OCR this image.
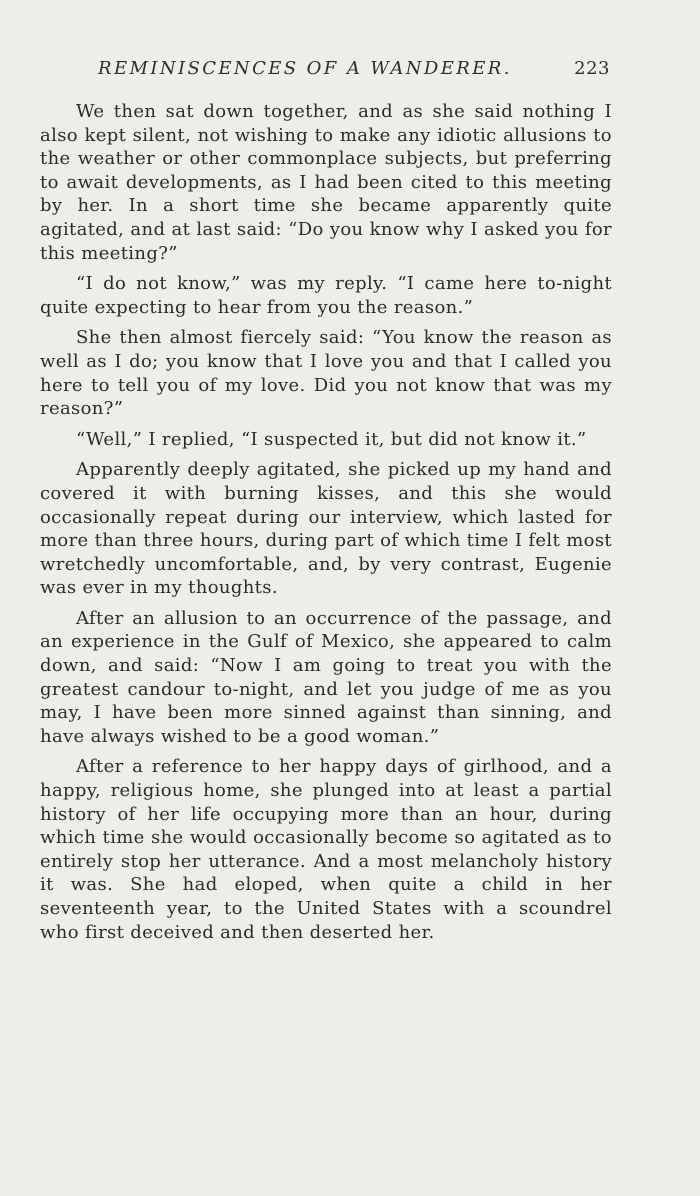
REMINISCENCES OF A WANDERER.	223

We then sat down together, and as she said nothing I also kept silent, not wishing to make any idiotic allusions to the weather or other commonplace subjects, but preferring to await developments, as I had been cited to this meeting by her. In a short time she became apparently quite agitated, and at last said: “Do you know why I asked you for this meeting?”

“I do not know,” was my reply. “I came here to-night quite expecting to hear from you the reason.”

She then almost fiercely said: “You know the reason as well as I do; you know that I love you and that I called you here to tell you of my love. Did you not know that was my reason?”

“Well,” I replied, “I suspected it, but did not know it.”

Apparently deeply agitated, she picked up my hand and covered it with burning kisses, and this she would occasionally repeat during our interview, which lasted for more than three hours, during part of which time I felt most wretchedly uncomfortable, and, by very contrast, Eugenie was ever in my thoughts.

After an allusion to an occurrence of the passage, and an experience in the Gulf of Mexico, she appeared to calm down, and said: “Now I am going to treat you with the greatest candour to-night, and let you judge of me as you may, I have been more sinned against than sinning, and have always wished to be a good woman.”

After a reference to her happy days of girlhood, and a happy, religious home, she plunged into at least a partial history of her life occupying more than an hour, during which time she would occasionally become so agitated as to entirely stop her utterance. And a most melancholy history it was. She had eloped, when quite a child in her seventeenth year, to the United States with a scoundrel who first deceived and then deserted her.
